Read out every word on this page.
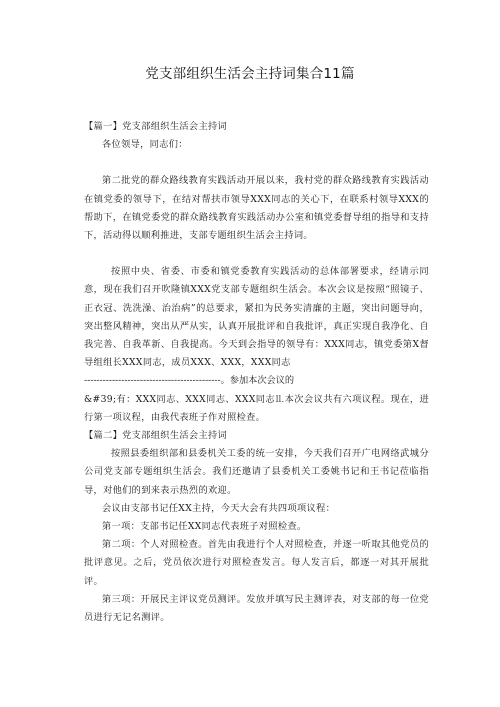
党支部组织生活会主持词集合11篇

【篇一】党支部组织生活会主持词

各位领导，同志们：

第二批党的群众路线教育实践活动开展以来，我村党的群众路线教育实践活动在镇党委的领导下，在结对帮扶市领导XXX同志的关心下，在联系村领导XXX的帮助下，在镇党委党的群众路线教育实践活动办公室和镇党委督导组的指导和支持下，活动得以顺利推进，支部专题组织生活会主持词。

按照中央、省委、市委和镇党委教育实践活动的总体部署要求，经请示同意，现在我们召开吹隆镇XXX党支部专题组织生活会。本次会议是按照“照镜子、正衣冠、洗洗澡、治治病”的总要求，紧扣为民务实清廉的主题，突出问题导向，突出整风精神，突出从严从实，认真开展批评和自我批评，真正实现自我净化、自我完善、自我革新、自我提高。今天到会指导的领导有：XXX同志，镇党委第X督导组组长XXX同志，成员XXX、XXX，XXX同志

--------------------------------------------。参加本次会议的

&#39;有：XXX同志、XXX同志、XXX同志⒒本次会议共有六项议程。现在，进行第一项议程，由我代表班子作对照检查。

【篇二】党支部组织生活会主持词

按照县委组织部和县委机关工委的统一安排，今天我们召开广电网络武城分公司党支部专题组织生活会。我们还邀请了县委机关工委姚书记和王书记莅临指导，对他们的到来表示热烈的欢迎。

会议由支部书记任XX主持，今天大会有共四项项议程：

第一项：支部书记任XX同志代表班子对照检查。

第二项：个人对照检查。首先由我进行个人对照检查，并逐一听取其他党员的批评意见。之后，党员依次进行对照检查发言。每人发言后，都逐一对其开展批评。

第三项：开展民主评议党员测评。发放并填写民主测评表，对支部的每一位党员进行无记名测评。
